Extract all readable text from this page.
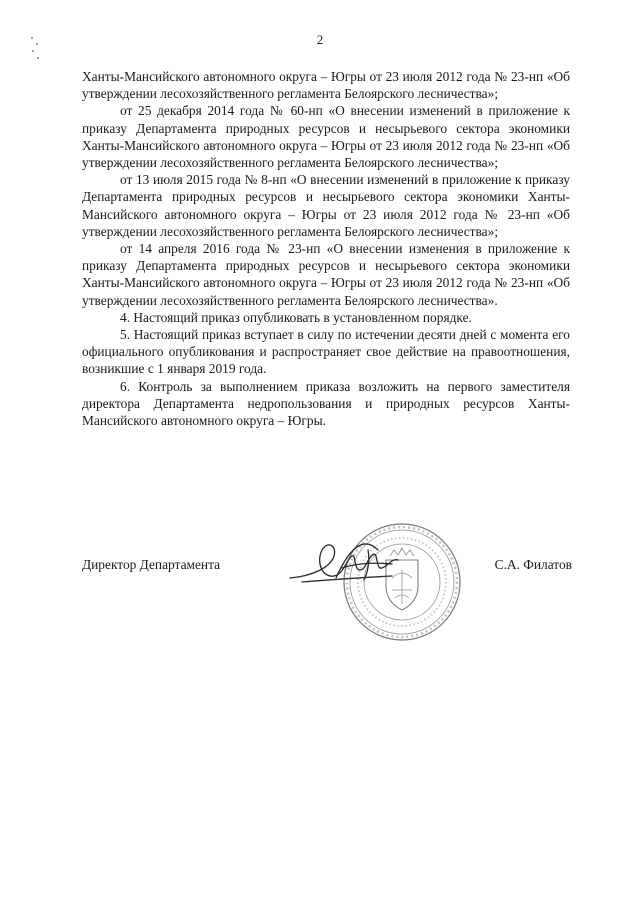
2

Ханты-Мансийского автономного округа – Югры от 23 июля 2012 года № 23-нп «Об утверждении лесохозяйственного регламента Белоярского лесничества»;

от 25 декабря 2014 года № 60-нп «О внесении изменений в приложение к приказу Департамента природных ресурсов и несырьевого сектора экономики Ханты-Мансийского автономного округа – Югры от 23 июля 2012 года № 23-нп «Об утверждении лесохозяйственного регламента Белоярского лесничества»;

от 13 июля 2015 года № 8-нп «О внесении изменений в приложение к приказу Департамента природных ресурсов и несырьевого сектора экономики Ханты-Мансийского автономного округа – Югры от 23 июля 2012 года № 23-нп «Об утверждении лесохозяйственного регламента Белоярского лесничества»;

от 14 апреля 2016 года № 23-нп «О внесении изменения в приложение к приказу Департамента природных ресурсов и несырьевого сектора экономики Ханты-Мансийского автономного округа – Югры от 23 июля 2012 года № 23-нп «Об утверждении лесохозяйственного регламента Белоярского лесничества».

4. Настоящий приказ опубликовать в установленном порядке.

5. Настоящий приказ вступает в силу по истечении десяти дней с момента его официального опубликования и распространяет свое действие на правоотношения, возникшие с 1 января 2019 года.

6. Контроль за выполнением приказа возложить на первого заместителя директора Департамента недропользования и природных ресурсов Ханты-Мансийского автономного округа – Югры.

Директор Департамента	С.А. Филатов
